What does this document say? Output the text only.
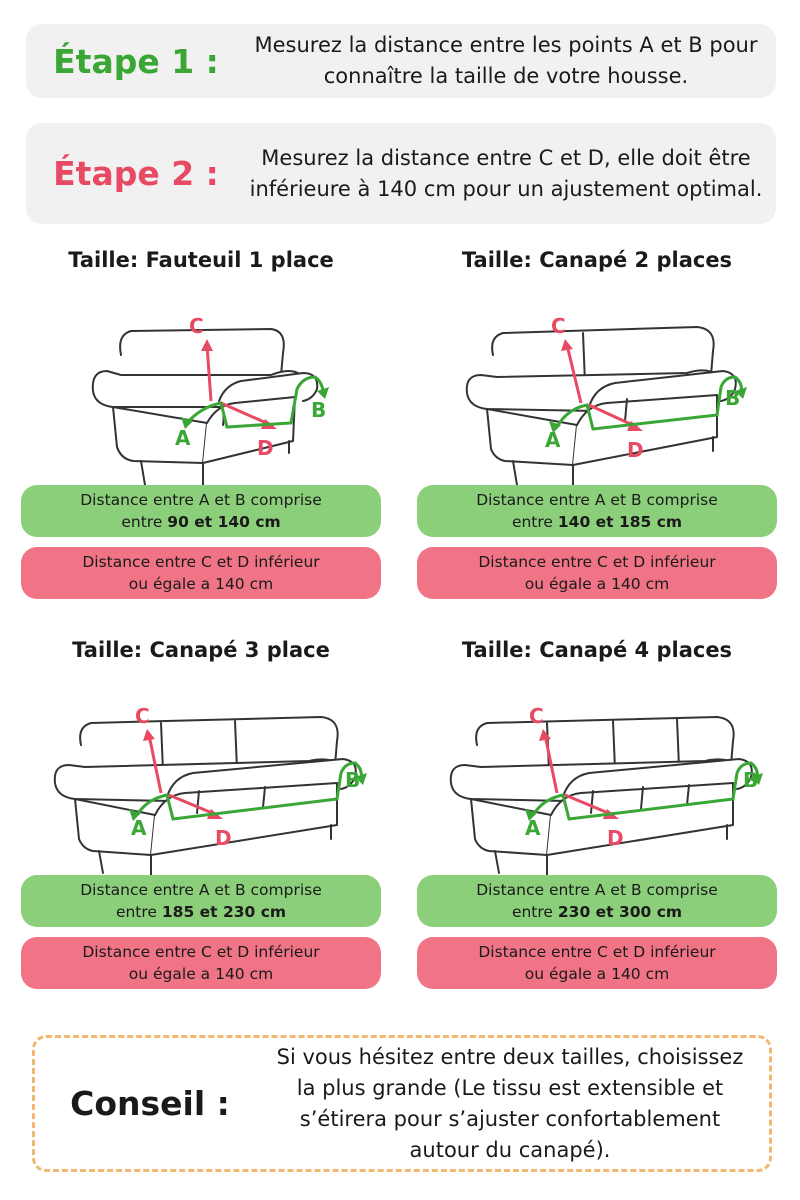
Étape 1 :	Mesurez la distance entre les points A et B pour connaître la taille de votre housse.
Étape 2 :	Mesurez la distance entre C et D, elle doit être inférieure à 140 cm pour un ajustement optimal.
Taille: Fauteuil 1 place
C
D
A
B
Distance entre A et B comprise
entre 90 et 140 cm
Distance entre C et D inférieur
ou égale a 140 cm
Taille: Canapé 2 places
C
D
A
B
Distance entre A et B comprise
entre 140 et 185 cm
Distance entre C et D inférieur
ou égale a 140 cm
Taille: Canapé 3 place
C
D
A
B
Distance entre A et B comprise
entre 185 et 230 cm
Distance entre C et D inférieur
ou égale a 140 cm
Taille: Canapé 4 places
C
D
A
B
Distance entre A et B comprise
entre 230 et 300 cm
Distance entre C et D inférieur
ou égale a 140 cm
Conseil :
Si vous hésitez entre deux tailles, choisissez la plus grande (Le tissu est extensible et s’étirera pour s’ajuster confortablement autour du canapé).
